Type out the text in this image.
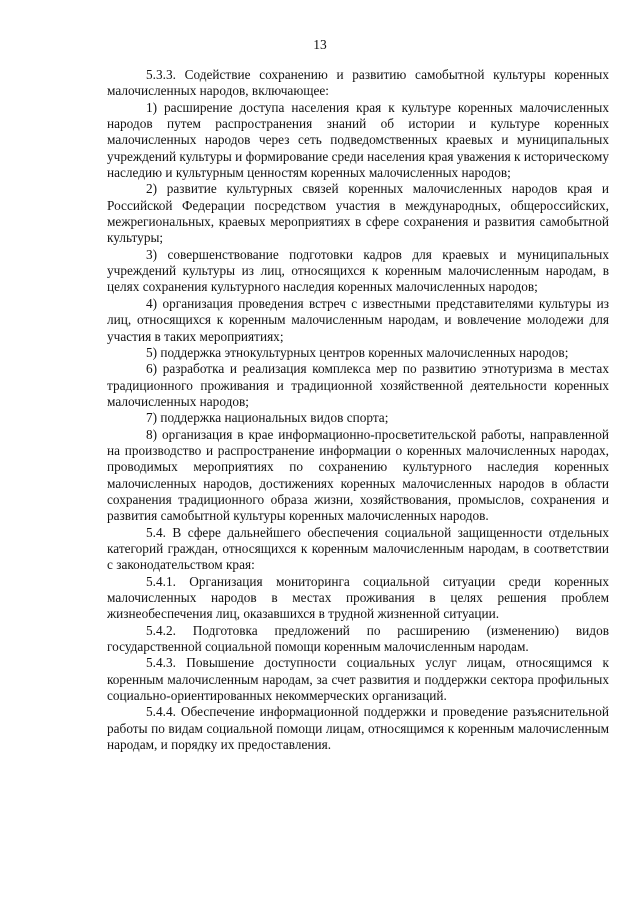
13

5.3.3. Содействие сохранению и развитию самобытной культуры коренных малочисленных народов, включающее:

1) расширение доступа населения края к культуре коренных малочисленных народов путем распространения знаний об истории и культуре коренных малочисленных народов через сеть подведомственных краевых и муниципальных учреждений культуры и формирование среди населения края уважения к историческому наследию и культурным ценностям коренных малочисленных народов;

2) развитие культурных связей коренных малочисленных народов края и Российской Федерации посредством участия в международных, общероссийских, межрегиональных, краевых мероприятиях в сфере сохранения и развития самобытной культуры;

3) совершенствование подготовки кадров для краевых и муниципальных учреждений культуры из лиц, относящихся к коренным малочисленным народам, в целях сохранения культурного наследия коренных малочисленных народов;

4) организация проведения встреч с известными представителями культуры из лиц, относящихся к коренным малочисленным народам, и вовлечение молодежи для участия в таких мероприятиях;

5) поддержка этнокультурных центров коренных малочисленных народов;

6) разработка и реализация комплекса мер по развитию этнотуризма в местах традиционного проживания и традиционной хозяйственной деятельности коренных малочисленных народов;

7) поддержка национальных видов спорта;

8) организация в крае информационно-просветительской работы, направленной на производство и распространение информации о коренных малочисленных народах, проводимых мероприятиях по сохранению культурного наследия коренных малочисленных народов, достижениях коренных малочисленных народов в области сохранения традиционного образа жизни, хозяйствования, промыслов, сохранения и развития самобытной культуры коренных малочисленных народов.

5.4. В сфере дальнейшего обеспечения социальной защищенности отдельных категорий граждан, относящихся к коренным малочисленным народам, в соответствии с законодательством края:

5.4.1. Организация мониторинга социальной ситуации среди коренных малочисленных народов в местах проживания в целях решения проблем жизнеобеспечения лиц, оказавшихся в трудной жизненной ситуации.

5.4.2. Подготовка предложений по расширению (изменению) видов государственной социальной помощи коренным малочисленным народам.

5.4.3. Повышение доступности социальных услуг лицам, относящимся к коренным малочисленным народам, за счет развития и поддержки сектора профильных социально-ориентированных некоммерческих организаций.

5.4.4. Обеспечение информационной поддержки и проведение разъяснительной работы по видам социальной помощи лицам, относящимся к коренным малочисленным народам, и порядку их предоставления.
